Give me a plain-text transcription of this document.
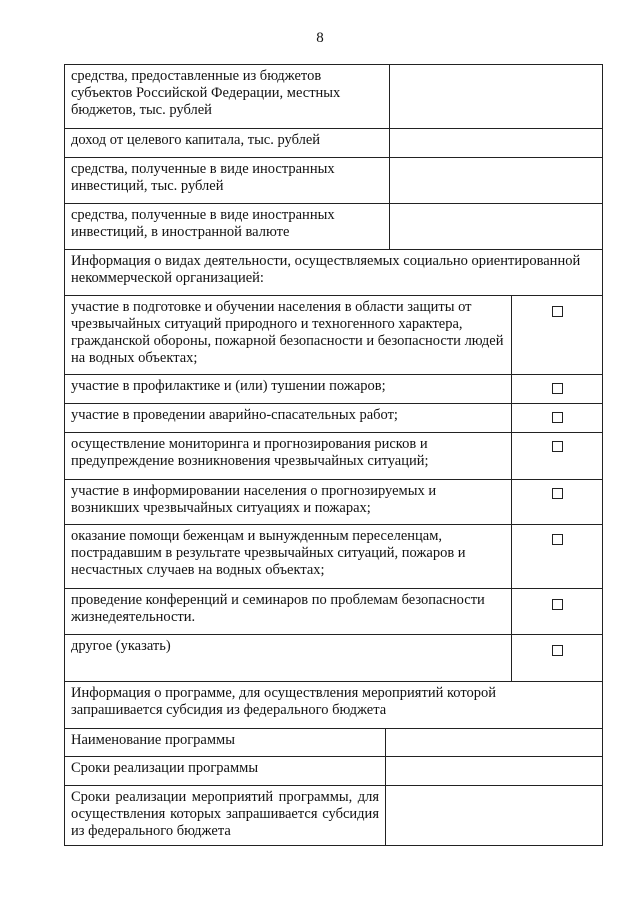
8
средства, предоставленные из бюджетов субъектов Российской Федерации, местных бюджетов, тыс. рублей
доход от целевого капитала, тыс. рублей
средства, полученные в виде иностранных инвестиций, тыс. рублей
средства, полученные в виде иностранных инвестиций, в иностранной валюте
Информация о видах деятельности, осуществляемых социально ориентированной некоммерческой организацией:
участие в подготовке и обучении населения в области защиты от чрезвычайных ситуаций природного и техногенного характера, гражданской обороны, пожарной безопасности и безопасности людей на водных объектах;
участие в профилактике и (или) тушении пожаров;
участие в проведении аварийно-спасательных работ;
осуществление мониторинга и прогнозирования рисков и предупреждение возникновения чрезвычайных ситуаций;
участие в информировании населения о прогнозируемых и возникших чрезвычайных ситуациях и пожарах;
оказание помощи беженцам и вынужденным переселенцам, пострадавшим в результате чрезвычайных ситуаций, пожаров и несчастных случаев на водных объектах;
проведение конференций и семинаров по проблемам безопасности жизнедеятельности.
другое (указать)
Информация о программе, для осуществления мероприятий которой запрашивается субсидия из федерального бюджета
Наименование программы
Сроки реализации программы
Сроки реализации мероприятий программы, для осуществления которых запрашивается субсидия из федерального бюджета
